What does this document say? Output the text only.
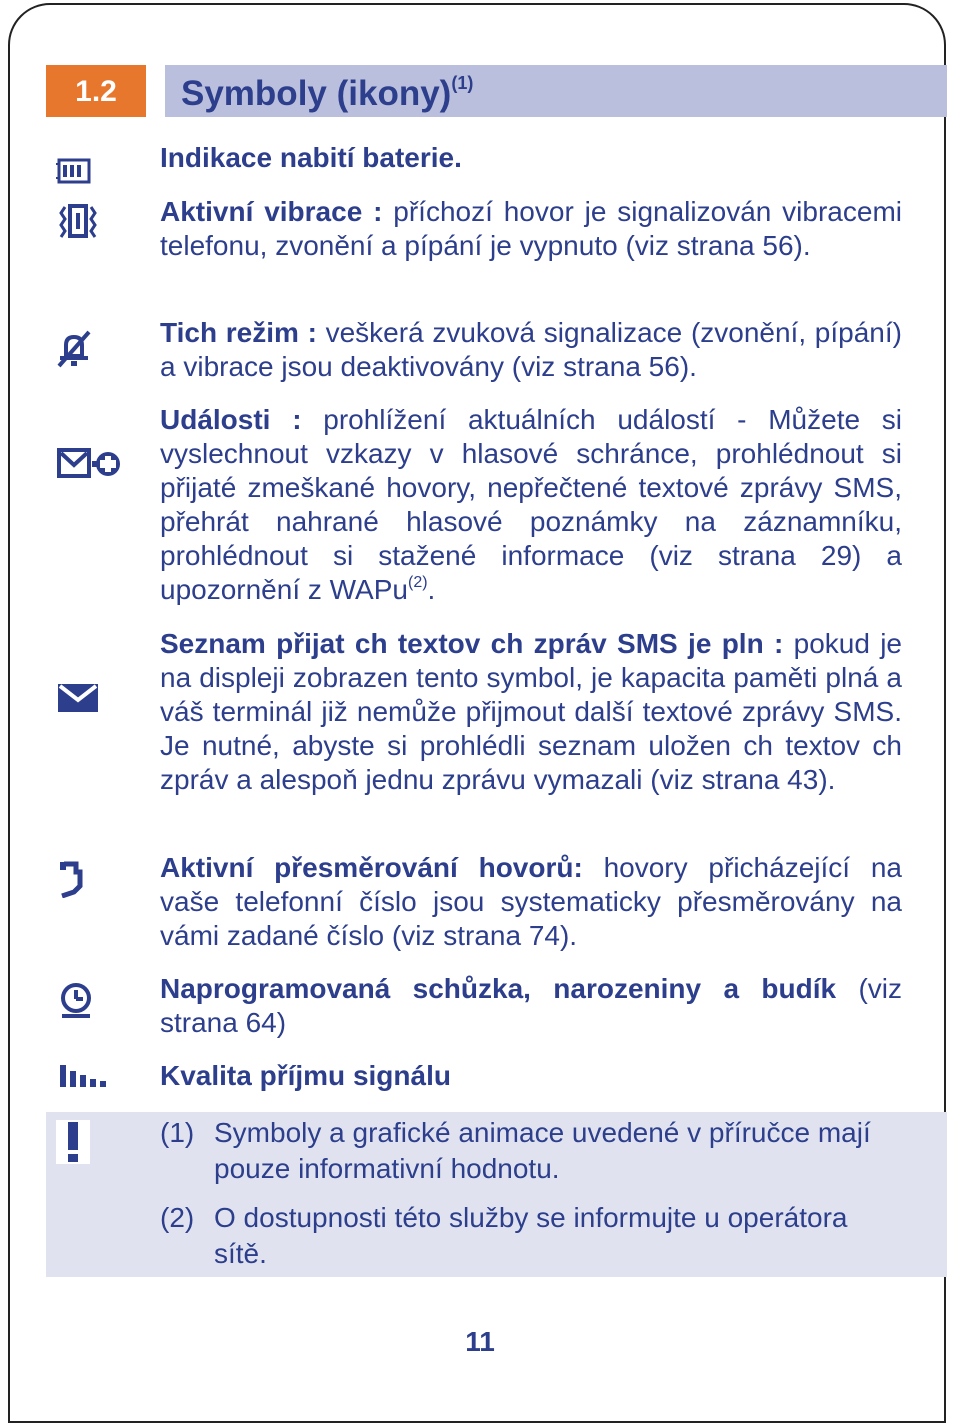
1.2	Symboly (ikony)$^{(1)}$
Indikace nabití baterie.
Aktivní vibrace : příchozí hovor je signalizován vibracemi telefonu, zvonění a pípání je vypnuto (viz strana 56).
Tich režim : veškerá zvuková signalizace (zvonění, pípání) a vibrace jsou deaktivovány (viz strana 56).
Události : prohlížení aktuálních událostí - Můžete si vyslechnout vzkazy v hlasové schránce, prohlédnout si přijaté zmeškané hovory, nepřečtené textové zprávy SMS, přehrát nahrané hlasové poznámky na záznamníku, prohlédnout si stažené informace (viz strana 29) a upozornění z WAPu$^{(2)}$.
Seznam přijat ch textov ch zpráv SMS je pln : pokud je na displeji zobrazen tento symbol, je kapacita paměti plná a váš terminál již nemůže přijmout další textové zprávy SMS. Je nutné, abyste si prohlédli seznam uložen ch textov ch zpráv a alespoň jednu zprávu vymazali (viz strana 43).
Aktivní přesměrování hovorů: hovory přicházející na vaše telefonní číslo jsou systematicky přesměrovány na vámi zadané číslo (viz strana 74).
Naprogramovaná schůzka, narozeniny a budík (viz strana 64)
Kvalita příjmu signálu
(1) Symboly a grafické animace uvedené v příručce mají pouze informativní hodnotu.
(2) O dostupnosti této služby se informujte u operátora sítě.
11
